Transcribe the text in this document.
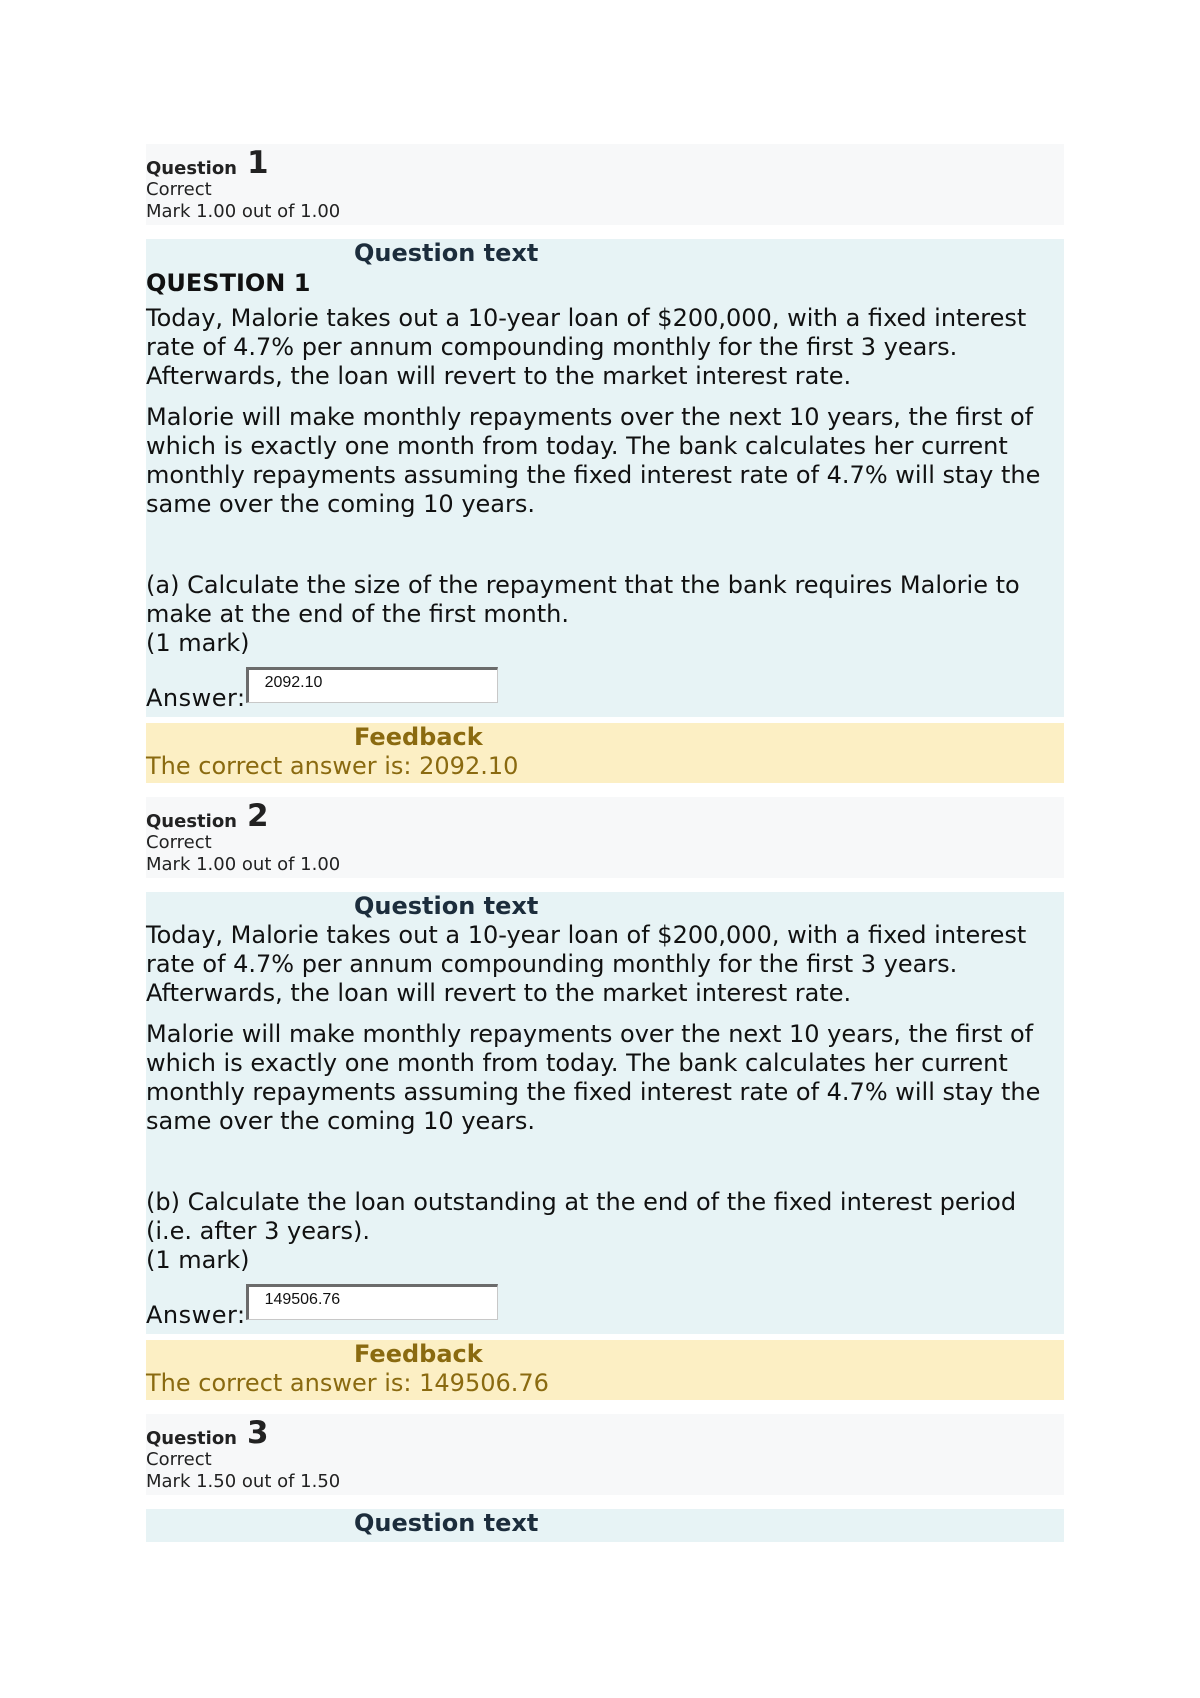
Question 1
Correct
Mark 1.00 out of 1.00
Question text
QUESTION 1

Today, Malorie takes out a 10-year loan of $200,000, with a fixed interest rate of 4.7% per annum compounding monthly for the first 3 years. Afterwards, the loan will revert to the market interest rate.

Malorie will make monthly repayments over the next 10 years, the first of which is exactly one month from today. The bank calculates her current monthly repayments assuming the fixed interest rate of 4.7% will stay the same over the coming 10 years.

(a) Calculate the size of the repayment that the bank requires Malorie to make at the end of the first month.

(1 mark)

Answer:
2092.10
Feedback
The correct answer is: 2092.10
Question 2
Correct
Mark 1.00 out of 1.00
Question text

Today, Malorie takes out a 10-year loan of $200,000, with a fixed interest rate of 4.7% per annum compounding monthly for the first 3 years. Afterwards, the loan will revert to the market interest rate.

Malorie will make monthly repayments over the next 10 years, the first of which is exactly one month from today. The bank calculates her current monthly repayments assuming the fixed interest rate of 4.7% will stay the same over the coming 10 years.

(b) Calculate the loan outstanding at the end of the fixed interest period (i.e. after 3 years).

(1 mark)

Answer:
149506.76
Feedback
The correct answer is: 149506.76
Question 3
Correct
Mark 1.50 out of 1.50
Question text
